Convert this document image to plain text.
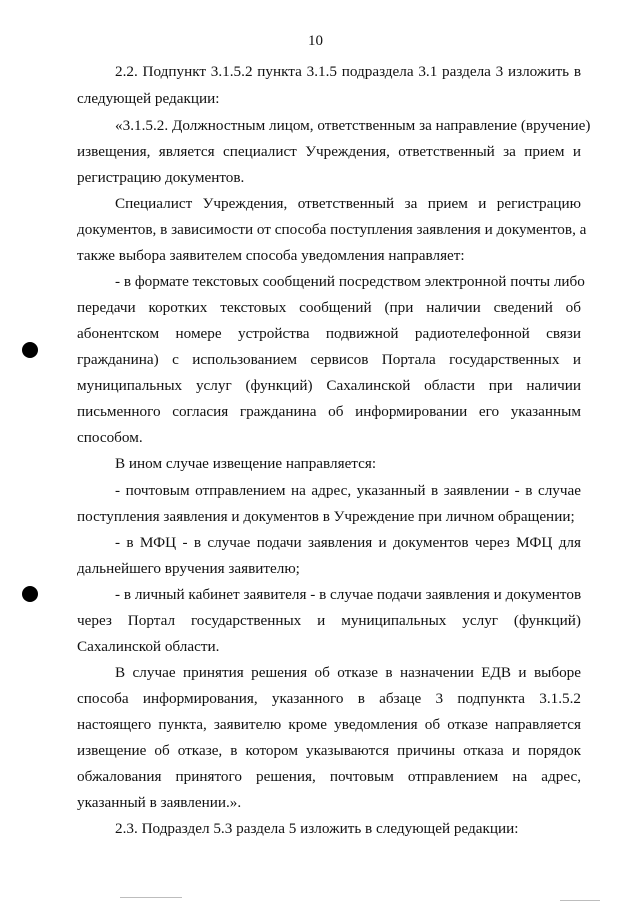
10
2.2. Подпункт 3.1.5.2 пункта 3.1.5 подраздела 3.1 раздела 3 изложить в
следующей редакции:
«3.1.5.2. Должностным лицом, ответственным за направление (вручение)
извещения, является специалист Учреждения, ответственный за прием и
регистрацию документов.
Специалист Учреждения, ответственный за прием и регистрацию
документов, в зависимости от способа поступления заявления и документов, а
также выбора заявителем способа уведомления направляет:
- в формате текстовых сообщений посредством электронной почты либо
передачи коротких текстовых сообщений (при наличии сведений об
абонентском номере устройства подвижной радиотелефонной связи
гражданина) с использованием сервисов Портала государственных и
муниципальных услуг (функций) Сахалинской области при наличии
письменного согласия гражданина об информировании его указанным
способом.
В ином случае извещение направляется:
- почтовым отправлением на адрес, указанный в заявлении - в случае
поступления заявления и документов в Учреждение при личном обращении;
- в МФЦ - в случае подачи заявления и документов через МФЦ для
дальнейшего вручения заявителю;
- в личный кабинет заявителя - в случае подачи заявления и документов
через Портал государственных и муниципальных услуг (функций)
Сахалинской области.
В случае принятия решения об отказе в назначении ЕДВ и выборе
способа информирования, указанного в абзаце 3 подпункта 3.1.5.2
настоящего пункта, заявителю кроме уведомления об отказе направляется
извещение об отказе, в котором указываются причины отказа и порядок
обжалования принятого решения, почтовым отправлением на адрес,
указанный в заявлении.».
2.3. Подраздел 5.3 раздела 5 изложить в следующей редакции:
